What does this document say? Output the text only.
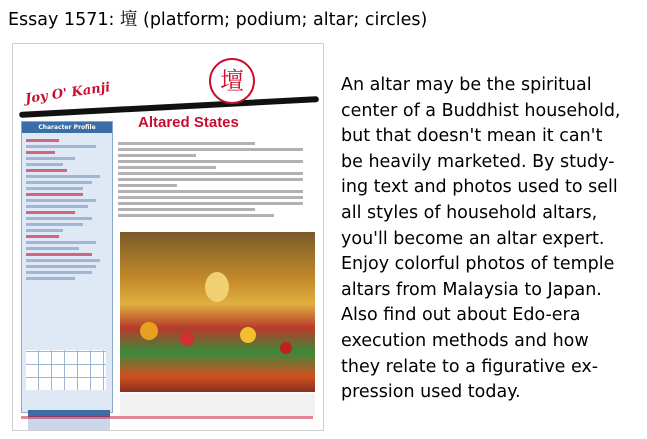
Essay 1571: 壇 (platform; podium; altar; circles)
Joy O' Kanji	壇
Altared States
Character Profile
An altar may be the spiritual
center of a Buddhist household,
but that doesn't mean it can't
be heavily marketed. By study-
ing text and photos used to sell
all styles of household altars,
you'll become an altar expert.
Enjoy colorful photos of temple
altars from Malaysia to Japan.
Also find out about Edo-era
execution methods and how
they relate to a figurative ex-
pression used today.
